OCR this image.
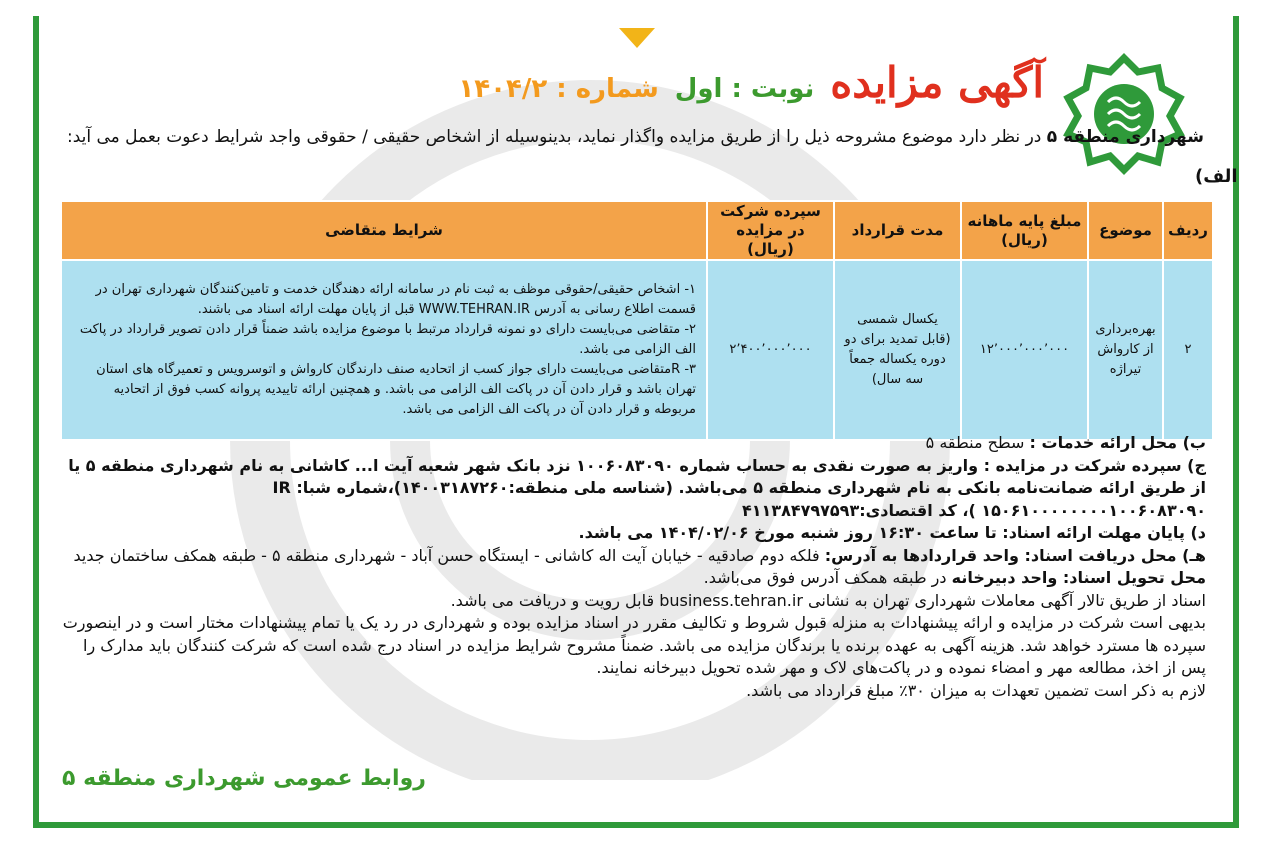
آگهی مزایده
نوبت : اول
شماره : ۱۴۰۴/۲
شهرداری منطقه ۵ در نظر دارد موضوع مشروحه ذیل را از طریق مزایده واگذار نماید، بدینوسیله از اشخاص حقیقی / حقوقی واجد شرایط دعوت بعمل می آید:
الف)
ردیف	موضوع	مبلغ پایه ماهانه (ریال)	مدت قرارداد	سپرده شرکت در مزایده (ریال)	شرایط متقاضی
۲	بهره‌برداری از کارواش تیراژه	۱۲٬۰۰۰٬۰۰۰٬۰۰۰	یکسال شمسی (قابل تمدید برای دو دوره یکساله جمعاً سه سال)	۲٬۴۰۰٬۰۰۰٬۰۰۰	۱- اشخاص حقیقی/حقوقی موظف به ثبت نام در سامانه ارائه دهندگان خدمت و تامین‌کنندگان شهرداری تهران در قسمت اطلاع رسانی به آدرس WWW.TEHRAN.IR قبل از پایان مهلت ارائه اسناد می باشند.

۲- متقاضی می‌بایست دارای دو نمونه قرارداد مرتبط با موضوع مزایده باشد ضمناً قرار دادن تصویر قرارداد در پاکت الف الزامی می باشد.

۳- Rمتقاضی می‌بایست دارای جواز کسب از اتحادیه صنف دارندگان کارواش و اتوسرویس و تعمیرگاه های استان تهران باشد و قرار دادن آن در پاکت الف الزامی می باشد. و همچنین ارائه تاییدیه پروانه کسب فوق از اتحادیه مربوطه و قرار دادن آن در پاکت الف الزامی می باشد.

ب) محل ارائه خدمات : سطح منطقه ۵

ج) سپرده شرکت در مزایده : واریز به صورت نقدی به حساب شماره ۱۰۰۶۰۸۳۰۹۰ نزد بانک شهر شعبه آیت ا... کاشانی به نام شهرداری منطقه ۵ یا از طریق ارائه ضمانت‌نامه بانکی به نام شهرداری منطقه ۵ می‌باشد. (شناسه ملی منطقه:۱۴۰۰۳۱۸۷۲۶۰)،شماره شبا: IR ۱۵۰۶۱۰۰۰۰۰۰۰۰۱۰۰۶۰۸۳۰۹۰ )، کد اقتصادی:۴۱۱۳۸۴۷۹۷۵۹۳

د) پایان مهلت ارائه اسناد: تا ساعت ۱۶:۳۰ روز شنبه مورخ ۱۴۰۴/۰۲/۰۶ می باشد.

هـ) محل دریافت اسناد: واحد قراردادها به آدرس: فلکه دوم صادقیه - خیابان آیت اله کاشانی - ایستگاه حسن آباد - شهرداری منطقه ۵ - طبقه همکف ساختمان جدید

محل تحویل اسناد: واحد دبیرخانه در طبقه همکف آدرس فوق می‌باشد.

اسناد از طریق تالار آگهی معاملات شهرداری تهران به نشانی business.tehran.ir قابل رویت و دریافت می باشد.

بدیهی است شرکت در مزایده و ارائه پیشنهادات به منزله قبول شروط و تکالیف مقرر در اسناد مزایده بوده و شهرداری در رد یک یا تمام پیشنهادات مختار است و در اینصورت سپرده ها مسترد خواهد شد. هزینه آگهی به عهده برنده یا برندگان مزایده می باشد. ضمناً مشروح شرایط مزایده در اسناد درج شده است که شرکت کنندگان باید مدارک را پس از اخذ، مطالعه مهر و امضاء نموده و در پاکت‌های لاک و مهر شده تحویل دبیرخانه نمایند.

لازم به ذکر است تضمین تعهدات به میزان ۳۰٪ مبلغ قرارداد می باشد.

روابط عمومی شهرداری منطقه ۵
